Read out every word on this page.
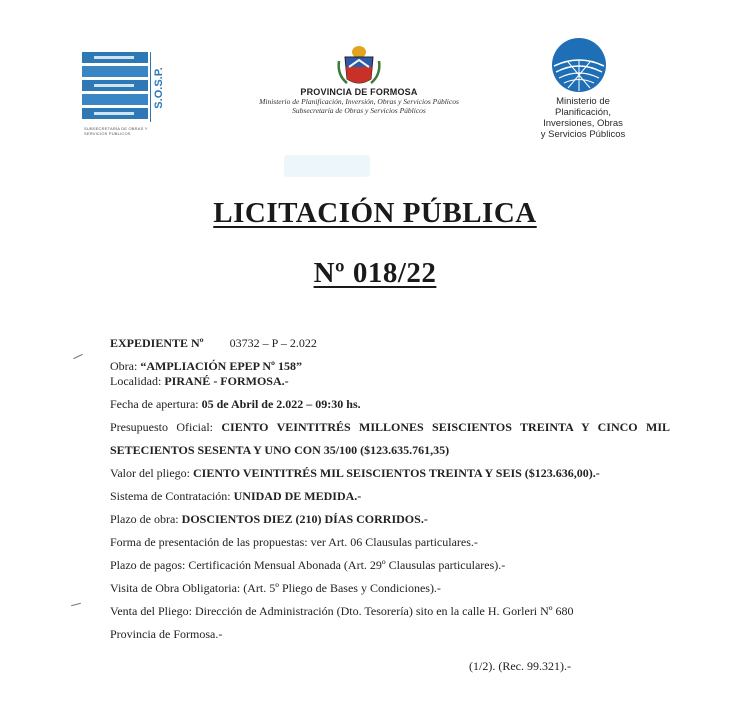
S.O.S.P.
SUBSECRETARÍA DE OBRAS Y SERVICIOS PÚBLICOS
PROVINCIA DE FORMOSA
Ministerio de Planificación, Inversión, Obras y Servicios Públicos
Subsecretaría de Obras y Servicios Públicos
Ministerio de
Planificación,
Inversiones, Obras
y Servicios Públicos
LICITACIÓN PÚBLICA
Nº 018/22
EXPEDIENTE Nº 03732 – P – 2.022
Obra: “AMPLIACIÓN EPEP Nº 158”
Localidad: PIRANÉ - FORMOSA.-
Fecha de apertura: 05 de Abril de 2.022 – 09:30 hs.
Presupuesto Oficial: CIENTO VEINTITRÉS MILLONES SEISCIENTOS TREINTA Y CINCO MIL
SETECIENTOS SESENTA Y UNO CON 35/100 ($123.635.761,35)
Valor del pliego: CIENTO VEINTITRÉS MIL SEISCIENTOS TREINTA Y SEIS ($123.636,00).-
Sistema de Contratación: UNIDAD DE MEDIDA.-
Plazo de obra: DOSCIENTOS DIEZ (210) DÍAS CORRIDOS.-
Forma de presentación de las propuestas: ver Art. 06 Clausulas particulares.-
Plazo de pagos: Certificación Mensual Abonada (Art. 29º Clausulas particulares).-
Visita de Obra Obligatoria: (Art. 5º Pliego de Bases y Condiciones).-
Venta del Pliego: Dirección de Administración (Dto. Tesorería) sito en la calle H. Gorleri Nº 680
Provincia de Formosa.-
(1/2). (Rec. 99.321).-
